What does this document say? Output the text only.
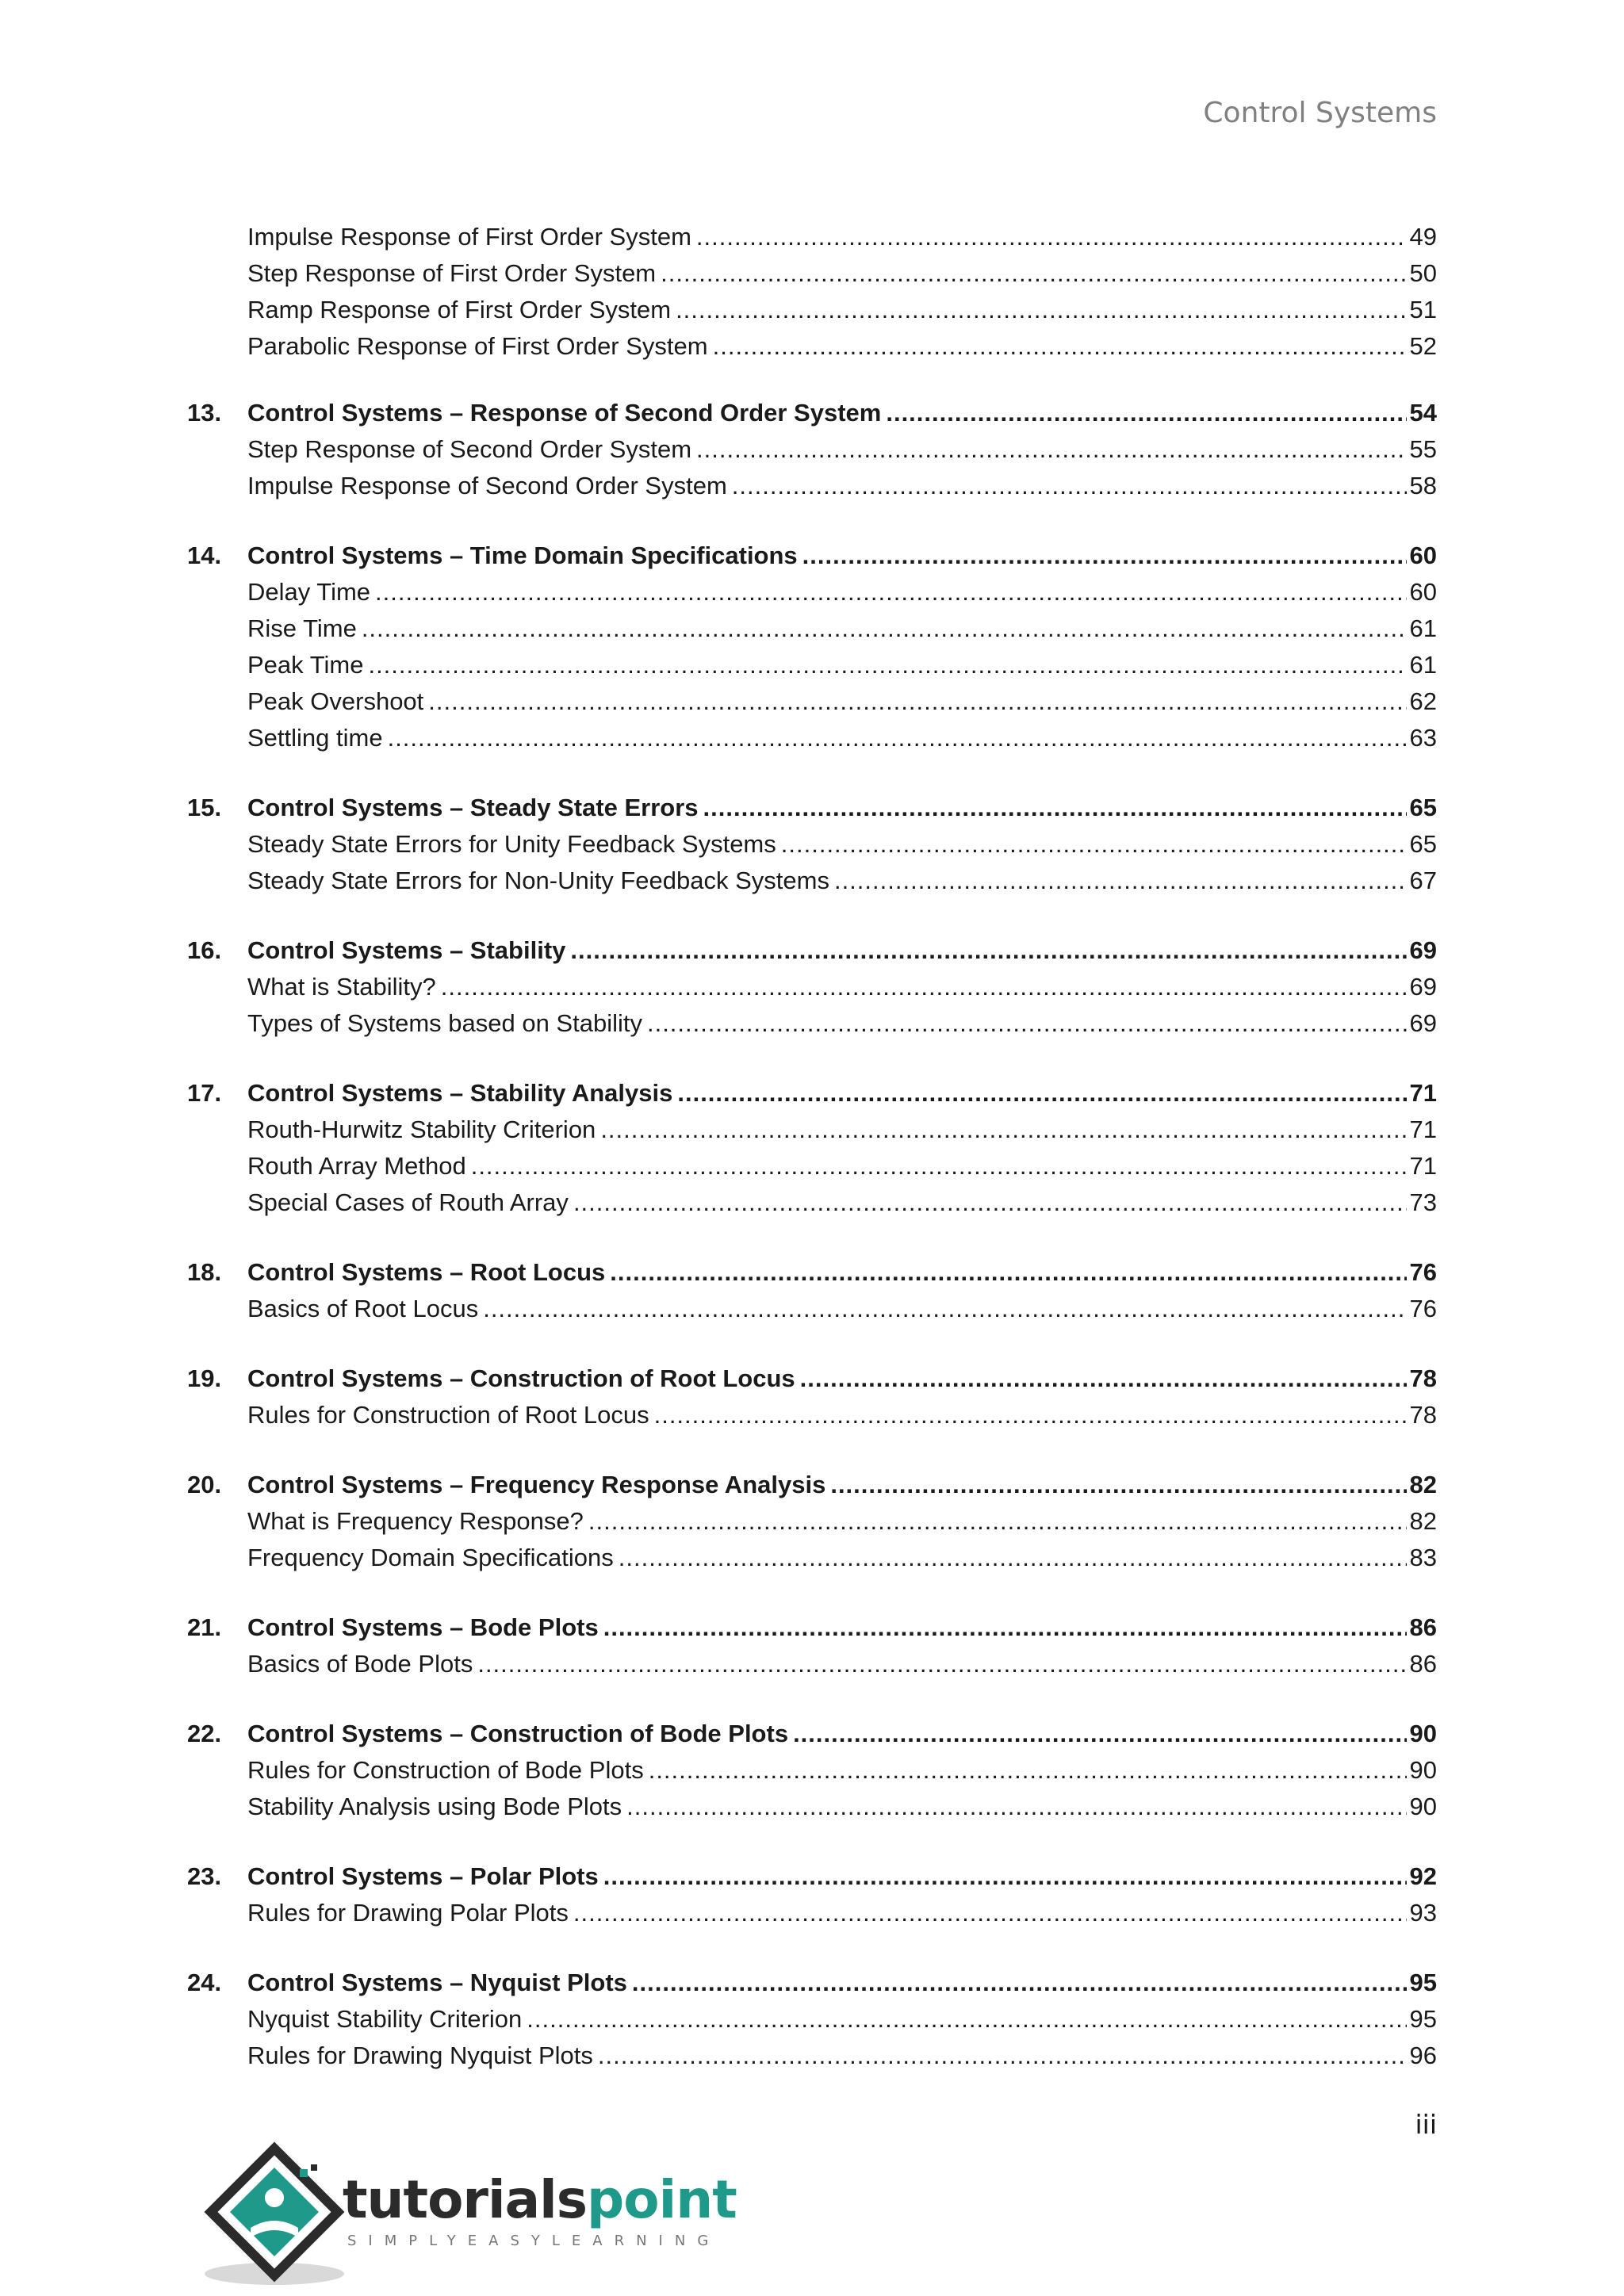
Control Systems
Impulse Response of First Order System .....	49
Step Response of First Order System .....	50
Ramp Response of First Order System .....	51
Parabolic Response of First Order System .....	52
13.	Control Systems – Response of Second Order System .....	54
Step Response of Second Order System .....	55
Impulse Response of Second Order System .....	58
14.	Control Systems – Time Domain Specifications .....	60
Delay Time .....	60
Rise Time .....	61
Peak Time .....	61
Peak Overshoot .....	62
Settling time .....	63
15.	Control Systems – Steady State Errors .....	65
Steady State Errors for Unity Feedback Systems .....	65
Steady State Errors for Non-Unity Feedback Systems .....	67
16.	Control Systems – Stability .....	69
What is Stability? .....	69
Types of Systems based on Stability .....	69
17.	Control Systems – Stability Analysis .....	71
Routh-Hurwitz Stability Criterion .....	71
Routh Array Method .....	71
Special Cases of Routh Array .....	73
18.	Control Systems – Root Locus .....	76
Basics of Root Locus .....	76
19.	Control Systems – Construction of Root Locus .....	78
Rules for Construction of Root Locus .....	78
20.	Control Systems – Frequency Response Analysis .....	82
What is Frequency Response? .....	82
Frequency Domain Specifications .....	83
21.	Control Systems – Bode Plots .....	86
Basics of Bode Plots .....	86
22.	Control Systems – Construction of Bode Plots .....	90
Rules for Construction of Bode Plots .....	90
Stability Analysis using Bode Plots .....	90
23.	Control Systems – Polar Plots .....	92
Rules for Drawing Polar Plots .....	93
24.	Control Systems – Nyquist Plots .....	95
Nyquist Stability Criterion .....	95
Rules for Drawing Nyquist Plots .....	96
iii
tutorialspoint
SIMPLYEASYLEARNING
